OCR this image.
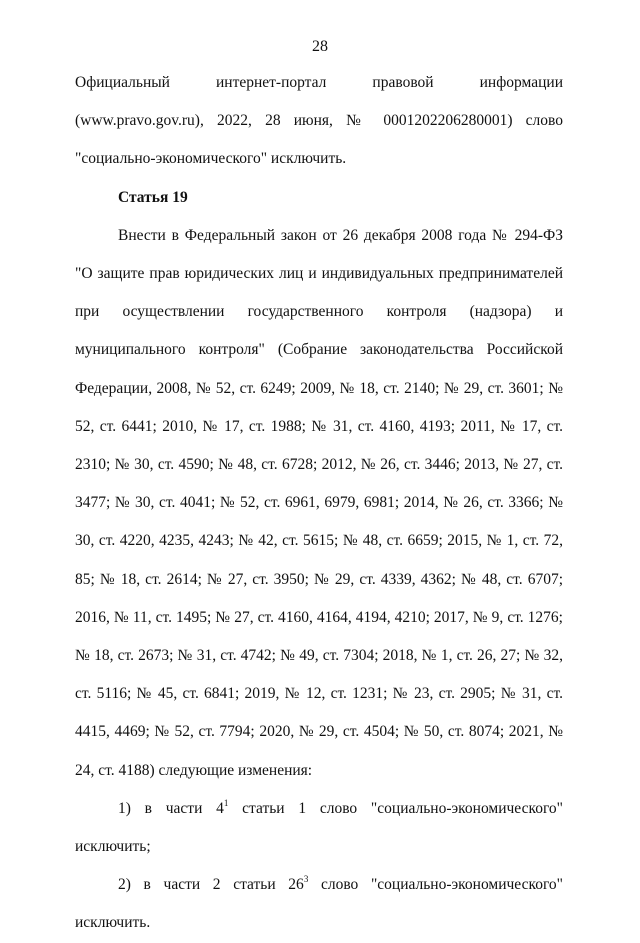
28

Официальный интернет-портал правовой информации (www.pravo.gov.ru), 2022, 28 июня, № 0001202206280001) слово "социально-экономического" исключить.

Статья 19

Внести в Федеральный закон от 26 декабря 2008 года № 294-ФЗ "О защите прав юридических лиц и индивидуальных предпринимателей при осуществлении государственного контроля (надзора) и муниципального контроля" (Собрание законодательства Российской Федерации, 2008, № 52, ст. 6249; 2009, № 18, ст. 2140; № 29, ст. 3601; № 52, ст. 6441; 2010, № 17, ст. 1988; № 31, ст. 4160, 4193; 2011, № 17, ст. 2310; № 30, ст. 4590; № 48, ст. 6728; 2012, № 26, ст. 3446; 2013, № 27, ст. 3477; № 30, ст. 4041; № 52, ст. 6961, 6979, 6981; 2014, № 26, ст. 3366; № 30, ст. 4220, 4235, 4243; № 42, ст. 5615; № 48, ст. 6659; 2015, № 1, ст. 72, 85; № 18, ст. 2614; № 27, ст. 3950; № 29, ст. 4339, 4362; № 48, ст. 6707; 2016, № 11, ст. 1495; № 27, ст. 4160, 4164, 4194, 4210; 2017, № 9, ст. 1276; № 18, ст. 2673; № 31, ст. 4742; № 49, ст. 7304; 2018, № 1, ст. 26, 27; № 32, ст. 5116; № 45, ст. 6841; 2019, № 12, ст. 1231; № 23, ст. 2905; № 31, ст. 4415, 4469; № 52, ст. 7794; 2020, № 29, ст. 4504; № 50, ст. 8074; 2021, № 24, ст. 4188) следующие изменения:

1) в части $4^1$ статьи 1 слово "социально-экономического" исключить;

2) в части 2 статьи $26^3$ слово "социально-экономического" исключить.
